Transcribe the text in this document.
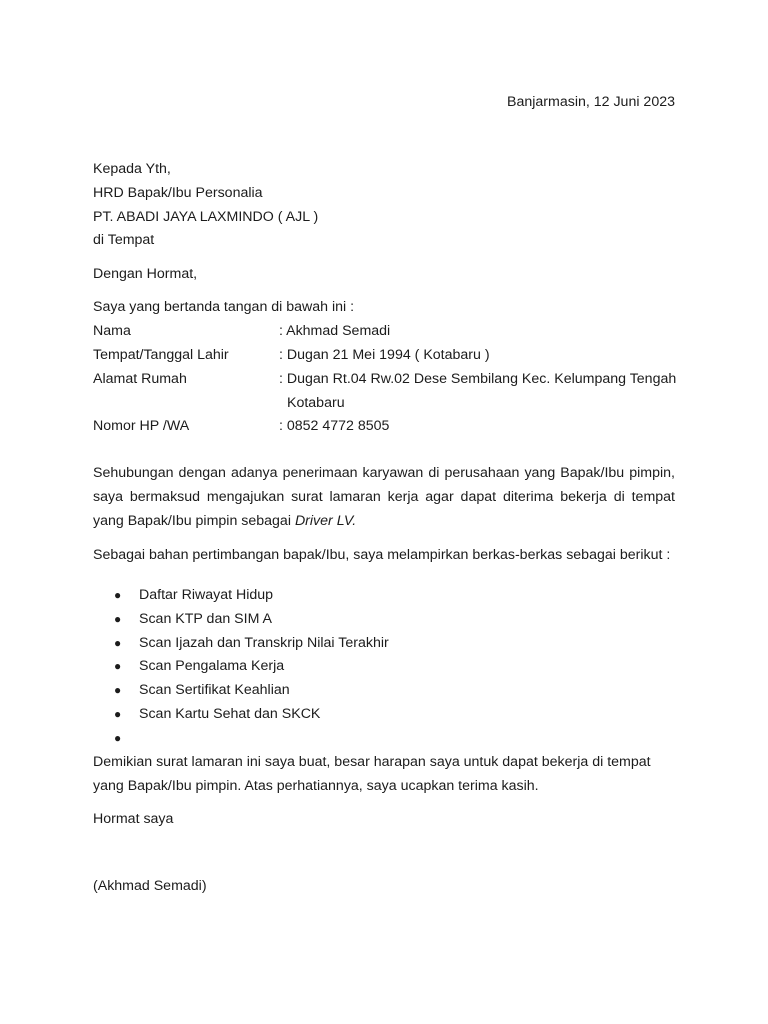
Banjarmasin, 12 Juni 2023
Kepada Yth,
HRD Bapak/Ibu Personalia
PT. ABADI JAYA LAXMINDO ( AJL )
di Tempat
Dengan Hormat,
Saya yang bertanda tangan di bawah ini :
Nama	: Akhmad Semadi
Tempat/Tanggal Lahir	: Dugan 21 Mei 1994 ( Kotabaru )
Alamat Rumah	: Dugan Rt.04 Rw.02 Dese Sembilang Kec. Kelumpang Tengah
Kotabaru
Nomor HP /WA	: 0852 4772 8505
Sehubungan dengan adanya penerimaan karyawan di perusahaan yang Bapak/Ibu pimpin, saya bermaksud mengajukan surat lamaran kerja agar dapat diterima bekerja di tempat yang Bapak/Ibu pimpin sebagai Driver LV.
Sebagai bahan pertimbangan bapak/Ibu, saya melampirkan berkas-berkas sebagai berikut :
● Daftar Riwayat Hidup
● Scan KTP dan SIM A
● Scan Ijazah dan Transkrip Nilai Terakhir
● Scan Pengalama Kerja
● Scan Sertifikat Keahlian
● Scan Kartu Sehat dan SKCK
●
Demikian surat lamaran ini saya buat, besar harapan saya untuk dapat bekerja di tempat yang Bapak/Ibu pimpin. Atas perhatiannya, saya ucapkan terima kasih.
Hormat saya
(Akhmad Semadi)
